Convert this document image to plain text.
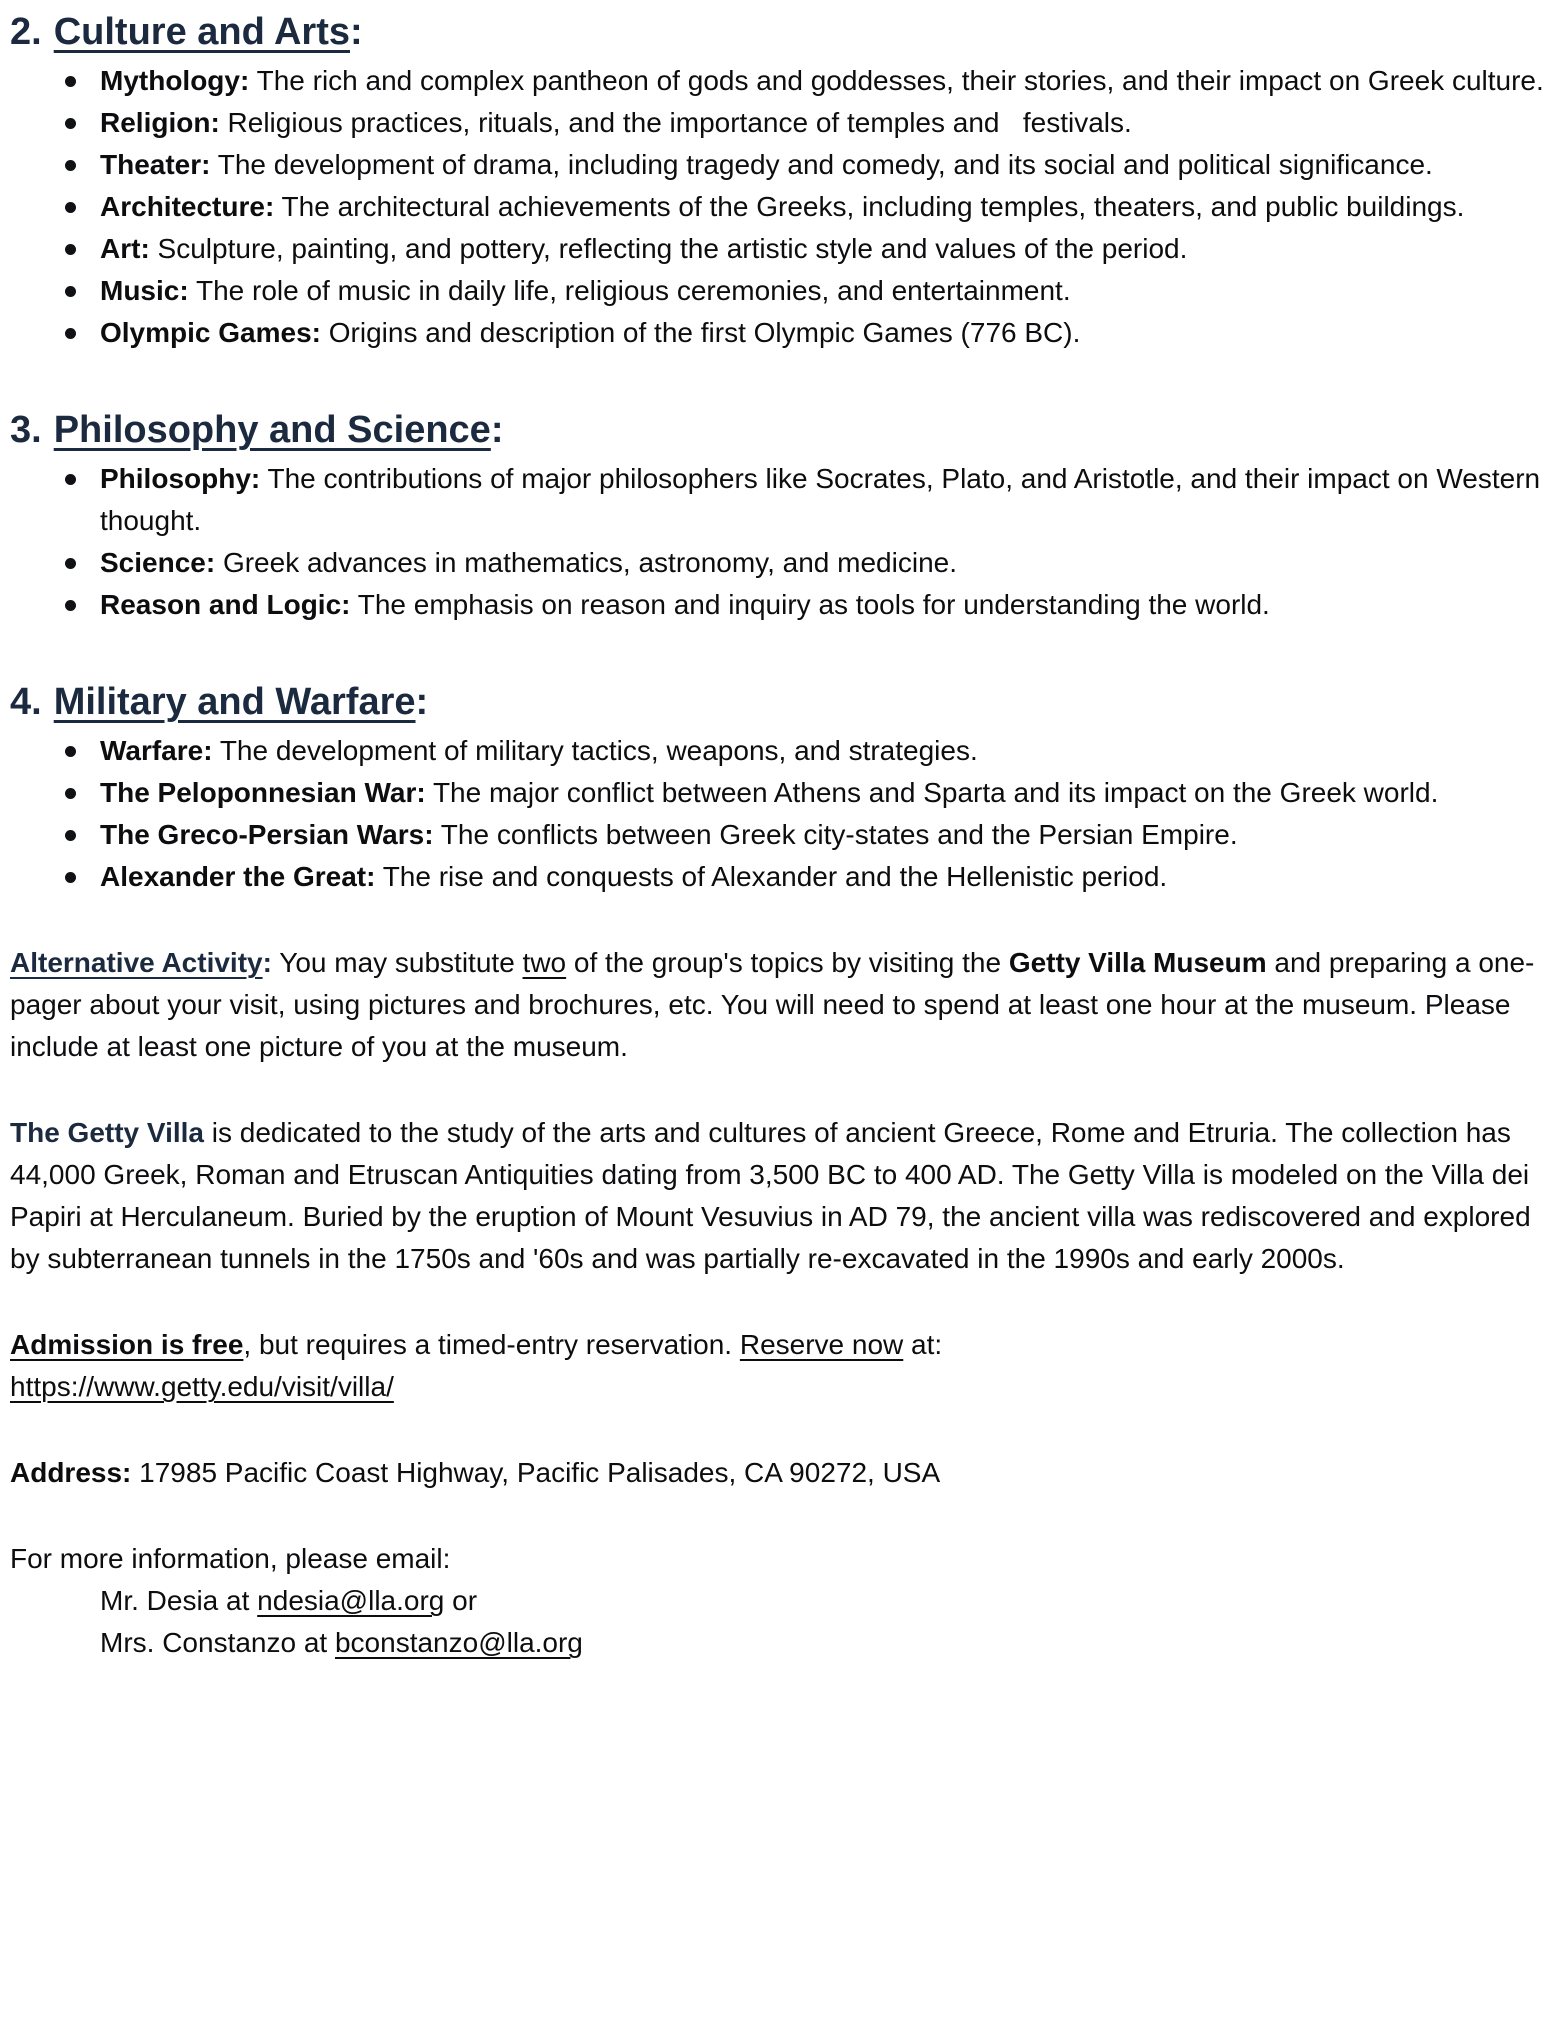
2. Culture and Arts:
Mythology: The rich and complex pantheon of gods and goddesses, their stories, and their impact on Greek culture.
Religion: Religious practices, rituals, and the importance of temples and   festivals.
Theater: The development of drama, including tragedy and comedy, and its social and political significance.
Architecture: The architectural achievements of the Greeks, including temples, theaters, and public buildings.
Art: Sculpture, painting, and pottery, reflecting the artistic style and values of the period.
Music: The role of music in daily life, religious ceremonies, and entertainment.
Olympic Games: Origins and description of the first Olympic Games (776 BC).
3. Philosophy and Science:
Philosophy: The contributions of major philosophers like Socrates, Plato, and Aristotle, and their impact on Western thought.
Science: Greek advances in mathematics, astronomy, and medicine.
Reason and Logic: The emphasis on reason and inquiry as tools for understanding the world.
4. Military and Warfare:
Warfare: The development of military tactics, weapons, and strategies.
The Peloponnesian War: The major conflict between Athens and Sparta and its impact on the Greek world.
The Greco-Persian Wars: The conflicts between Greek city-states and the Persian Empire.
Alexander the Great: The rise and conquests of Alexander and the Hellenistic period.

Alternative Activity: You may substitute two of the group's topics by visiting the Getty Villa Museum and preparing a one-pager about your visit, using pictures and brochures, etc. You will need to spend at least one hour at the museum. Please include at least one picture of you at the museum.

The Getty Villa is dedicated to the study of the arts and cultures of ancient Greece, Rome and Etruria. The collection has 44,000 Greek, Roman and Etruscan Antiquities dating from 3,500 BC to 400 AD. The Getty Villa is modeled on the Villa dei Papiri at Herculaneum. Buried by the eruption of Mount Vesuvius in AD 79, the ancient villa was rediscovered and explored by subterranean tunnels in the 1750s and '60s and was partially re-excavated in the 1990s and early 2000s.

Admission is free, but requires a timed-entry reservation. Reserve now at:
https://www.getty.edu/visit/villa/

Address: 17985 Pacific Coast Highway, Pacific Palisades, CA 90272, USA

For more information, please email:
Mr. Desia at ndesia@lla.org or
Mrs. Constanzo at bconstanzo@lla.org
